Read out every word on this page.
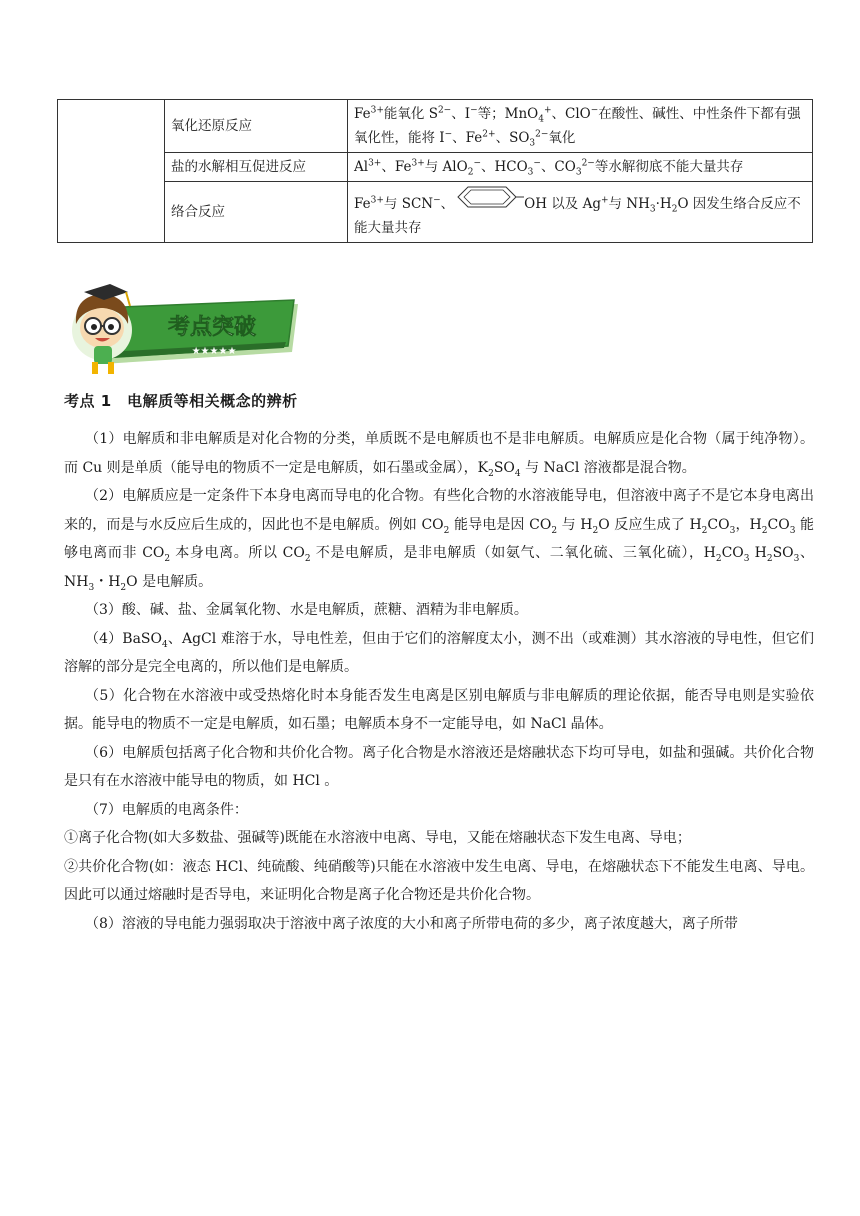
	氧化还原反应	$Fe^{3+}$能氧化 $S^{2-}$、I−等；MnO$_4$+、ClO−在酸性、碱性、中性条件下都有强氧化性，能将 I−、$Fe^{2+}$、$SO_3^{2-}$氧化
	盐的水解相互促进反应	$Al^{3+}$、$Fe^{3+}$与 AlO$_2$−、$HCO_3^-$、$CO_3^{2-}$等水解彻底不能大量共存
	络合反应	$Fe^{3+}$与 SCN−、 OH 以及 Ag+与 $NH_3\cdot H_2O$ 因发生络合反应不能大量共存
考点突破
★★★★★
考点 1　电解质等相关概念的辨析

（1）电解质和非电解质是对化合物的分类，单质既不是电解质也不是非电解质。电解质应是化合物（属于纯净物）。而 Cu 则是单质（能导电的物质不一定是电解质，如石墨或金属），$K_2SO_4$ 与 NaCl 溶液都是混合物。

（2）电解质应是一定条件下本身电离而导电的化合物。有些化合物的水溶液能导电，但溶液中离子不是它本身电离出来的，而是与水反应后生成的，因此也不是电解质。例如 $CO_2$ 能导电是因 $CO_2$ 与 $H_2O$ 反应生成了 $H_2CO_3$，$H_2CO_3$ 能够电离而非 $CO_2$ 本身电离。所以 $CO_2$ 不是电解质，是非电解质（如氨气、二氧化硫、三氧化硫），$H_2CO_3$ $H_2SO_3$、$NH_3$・$H_2O$ 是电解质。

（3）酸、碱、盐、金属氧化物、水是电解质，蔗糖、酒精为非电解质。

（4）BaSO$_4$、AgCl 难溶于水，导电性差，但由于它们的溶解度太小，测不出（或难测）其水溶液的导电性，但它们溶解的部分是完全电离的，所以他们是电解质。

（5）化合物在水溶液中或受热熔化时本身能否发生电离是区别电解质与非电解质的理论依据，能否导电则是实验依据。能导电的物质不一定是电解质，如石墨；电解质本身不一定能导电，如 NaCl 晶体。

（6）电解质包括离子化合物和共价化合物。离子化合物是水溶液还是熔融状态下均可导电，如盐和强碱。共价化合物是只有在水溶液中能导电的物质，如 HCl 。

（7）电解质的电离条件：

①离子化合物(如大多数盐、强碱等)既能在水溶液中电离、导电，又能在熔融状态下发生电离、导电；

②共价化合物(如：液态 HCl、纯硫酸、纯硝酸等)只能在水溶液中发生电离、导电，在熔融状态下不能发生电离、导电。因此可以通过熔融时是否导电，来证明化合物是离子化合物还是共价化合物。

（8）溶液的导电能力强弱取决于溶液中离子浓度的大小和离子所带电荷的多少，离子浓度越大，离子所带
